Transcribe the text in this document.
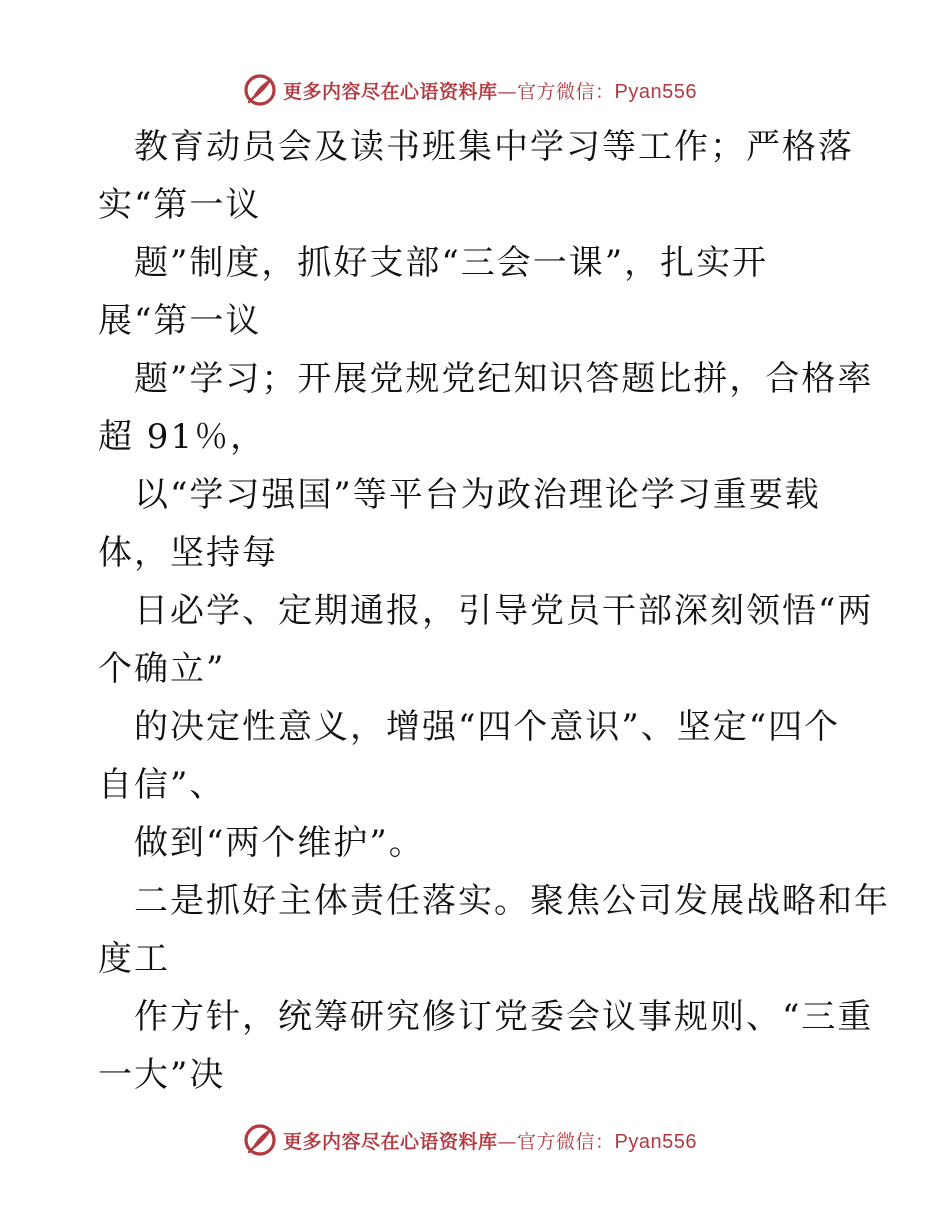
更多内容尽在心语资料库—官方微信：Pyan556
教育动员会及读书班集中学习等工作；严格落
实“第一议
题”制度，抓好支部“三会一课”，扎实开
展“第一议
题”学习；开展党规党纪知识答题比拼，合格率
超 91％，
以“学习强国”等平台为政治理论学习重要载
体，坚持每
日必学、定期通报，引导党员干部深刻领悟“两
个确立”
的决定性意义，增强“四个意识”、坚定“四个
自信”、
做到“两个维护”。
二是抓好主体责任落实。聚焦公司发展战略和年
度工
作方针，统筹研究修订党委会议事规则、“三重
一大”决
更多内容尽在心语资料库—官方微信：Pyan556
